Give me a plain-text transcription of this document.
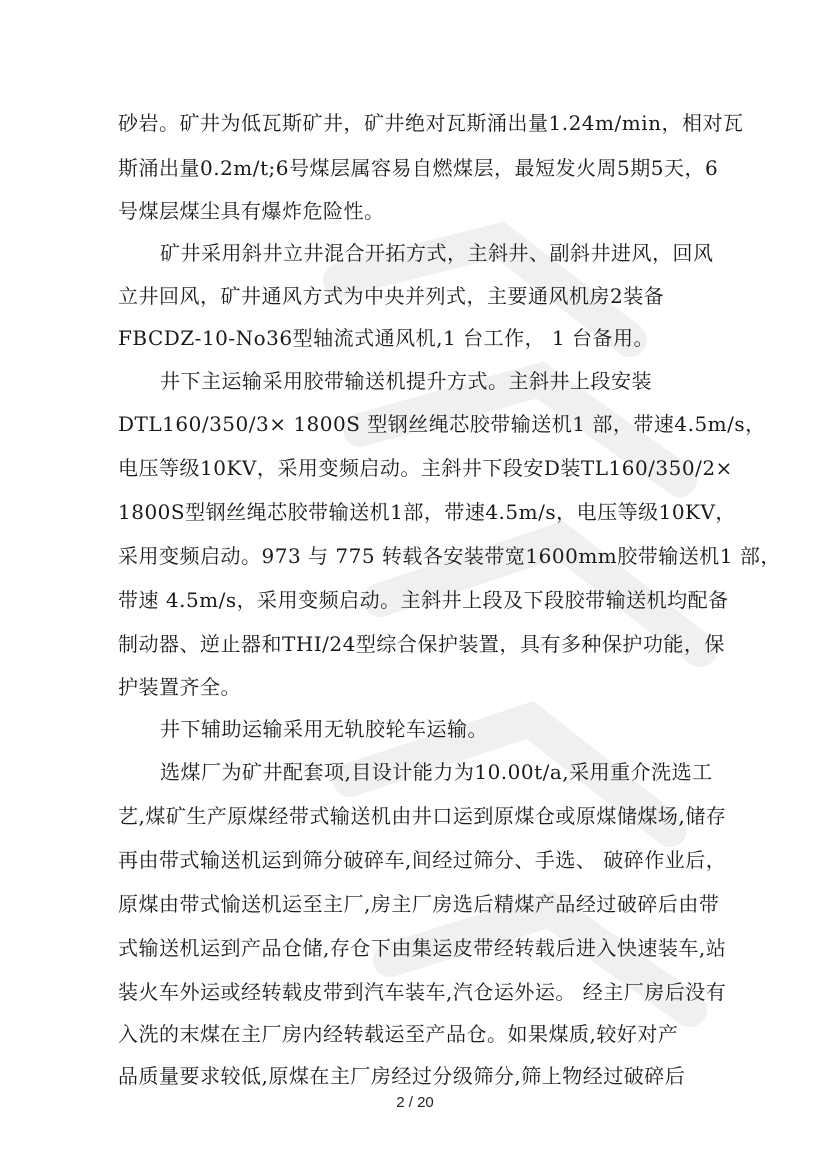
砂岩。矿井为低瓦斯矿井，矿井绝对瓦斯涌出量1.24m/min，相对瓦
斯涌出量0.2m/t;6号煤层属容易自燃煤层，最短发火周5期5天，6
号煤层煤尘具有爆炸危险性。
矿井采用斜井立井混合开拓方式，主斜井、副斜井进风，回风
立井回风，矿井通风方式为中央并列式，主要通风机房2装备
FBCDZ-10-No36型轴流式通风机,1 台工作， 1 台备用。
井下主运输采用胶带输送机提升方式。主斜井上段安装
DTL160/350/3× 1800S 型钢丝绳芯胶带输送机1 部，带速4.5m/s，
电压等级10KV，采用变频启动。主斜井下段安D装TL160/350/2×
1800S型钢丝绳芯胶带输送机1部，带速4.5m/s，电压等级10KV，
采用变频启动。973 与 775 转载各安装带宽1600mm胶带输送机1 部，
带速 4.5m/s，采用变频启动。主斜井上段及下段胶带输送机均配备
制动器、逆止器和THI/24型综合保护装置，具有多种保护功能，保
护装置齐全。
井下辅助运输采用无轨胶轮车运输。
选煤厂为矿井配套项,目设计能力为10.00t/a,采用重介洗选工
艺,煤矿生产原煤经带式输送机由井口运到原煤仓或原煤储煤场,储存
再由带式输送机运到筛分破碎车,间经过筛分、手选、 破碎作业后，
原煤由带式愉送机运至主厂,房主厂房选后精煤产品经过破碎后由带
式输送机运到产品仓储,存仓下由集运皮带经转载后进入快速装车,站
装火车外运或经转载皮带到汽车装车,汽仓运外运。 经主厂房后没有
入洗的末煤在主厂房内经转载运至产品仓。如果煤质,较好对产
品质量要求较低,原煤在主厂房经过分级筛分,筛上物经过破碎后
2 / 20
